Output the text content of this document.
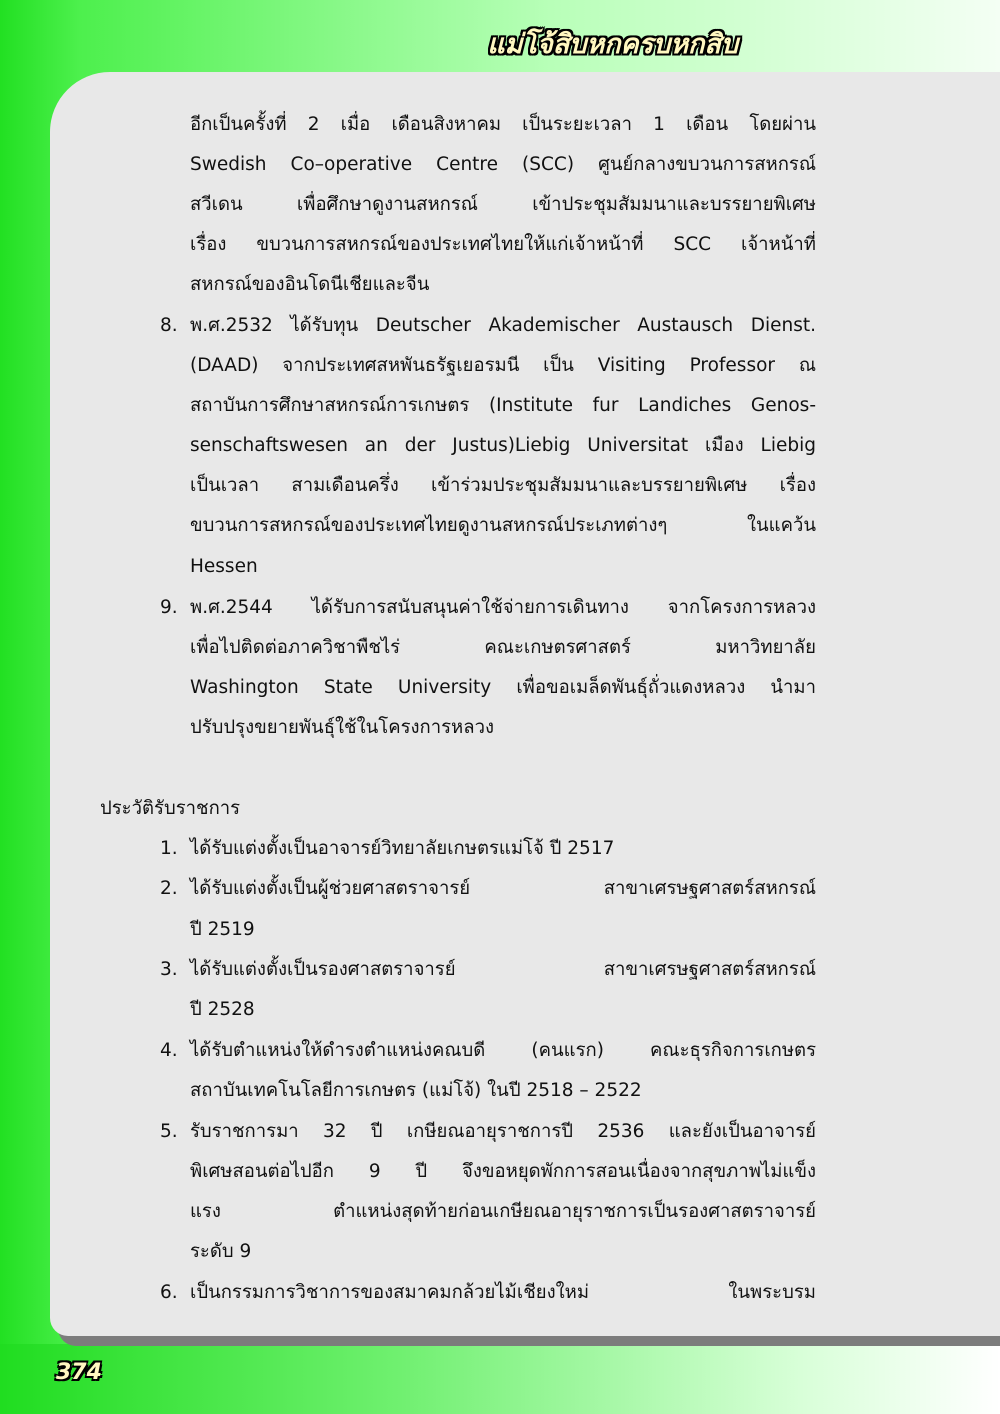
แม่โจ้สิบหกครบหกสิบ
อีกเป็นครั้งที่ 2 เมื่อ เดือนสิงหาคม เป็นระยะเวลา 1 เดือน โดยผ่าน
Swedish Co–operative Centre (SCC) ศูนย์กลางขบวนการสหกรณ์
สวีเดน เพื่อศึกษาดูงานสหกรณ์ เข้าประชุมสัมมนาและบรรยายพิเศษ
เรื่อง ขบวนการสหกรณ์ของประเทศไทยให้แก่เจ้าหน้าที่ SCC เจ้าหน้าที่
สหกรณ์ของอินโดนีเชียและจีน
8. พ.ศ.2532 ได้รับทุน Deutscher Akademischer Austausch Dienst.
(DAAD) จากประเทศสหพันธรัฐเยอรมนี เป็น Visiting Professor ณ
สถาบันการศึกษาสหกรณ์การเกษตร (Institute fur Landiches Genos-
senschaftswesen an der Justus)Liebig Universitat เมือง Liebig
เป็นเวลา สามเดือนครึ่ง เข้าร่วมประชุมสัมมนาและบรรยายพิเศษ เรื่อง
ขบวนการสหกรณ์ของประเทศไทยดูงานสหกรณ์ประเภทต่างๆ ในแคว้น
Hessen
9. พ.ศ.2544 ได้รับการสนับสนุนค่าใช้จ่ายการเดินทาง จากโครงการหลวง
เพื่อไปติดต่อภาควิชาพืชไร่ คณะเกษตรศาสตร์ มหาวิทยาลัย
Washington State University เพื่อขอเมล็ดพันธุ์ถั่วแดงหลวง นำมา
ปรับปรุงขยายพันธุ์ใช้ในโครงการหลวง
ประวัติรับราชการ
1. ได้รับแต่งตั้งเป็นอาจารย์วิทยาลัยเกษตรแม่โจ้ ปี 2517
2. ได้รับแต่งตั้งเป็นผู้ช่วยศาสตราจารย์ สาขาเศรษฐศาสตร์สหกรณ์
ปี 2519
3. ได้รับแต่งตั้งเป็นรองศาสตราจารย์ สาขาเศรษฐศาสตร์สหกรณ์
ปี 2528
4. ได้รับตำแหน่งให้ดำรงตำแหน่งคณบดี (คนแรก) คณะธุรกิจการเกษตร
สถาบันเทคโนโลยีการเกษตร (แม่โจ้) ในปี 2518 – 2522
5. รับราชการมา 32 ปี เกษียณอายุราชการปี 2536 และยังเป็นอาจารย์
พิเศษสอนต่อไปอีก 9 ปี จึงขอหยุดพักการสอนเนื่องจากสุขภาพไม่แข็ง
แรง ตำแหน่งสุดท้ายก่อนเกษียณอายุราชการเป็นรองศาสตราจารย์
ระดับ 9
6. เป็นกรรมการวิชาการของสมาคมกล้วยไม้เชียงใหม่ ในพระบรม
374
